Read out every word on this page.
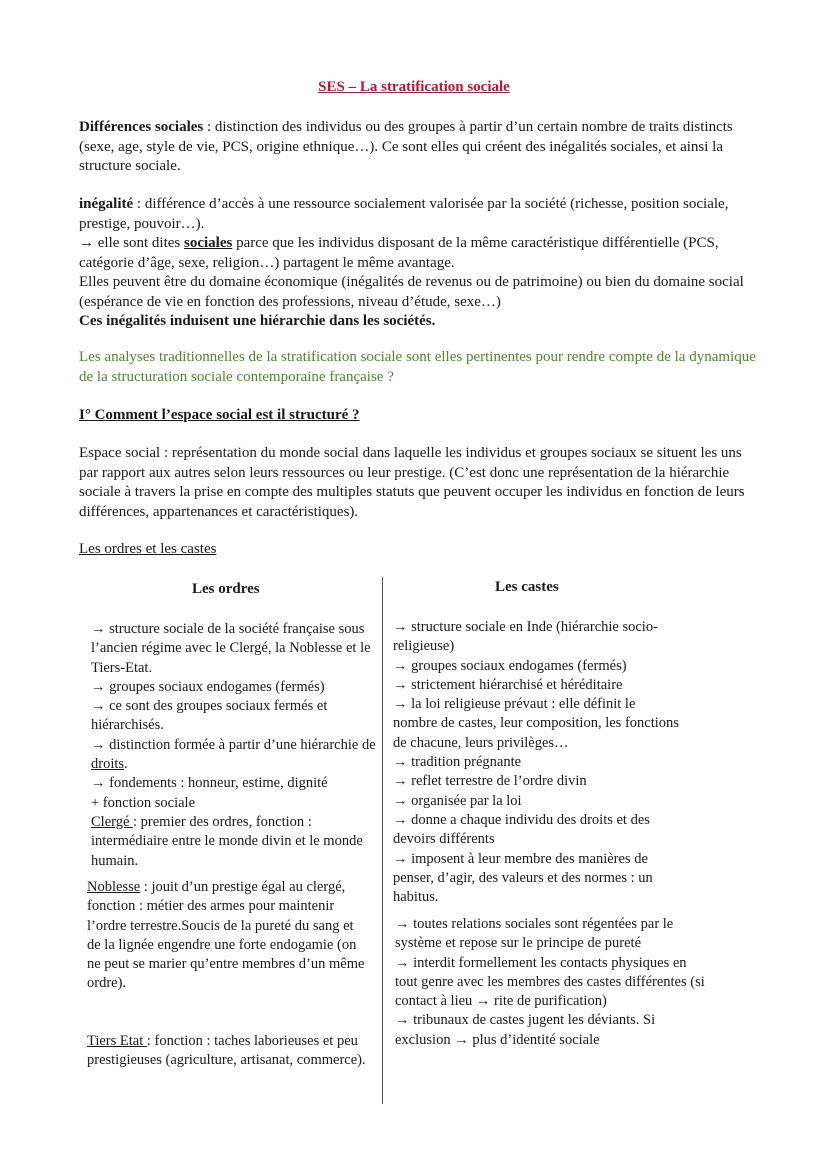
SES – La stratification sociale
Différences sociales : distinction des individus ou des groupes à partir d’un certain nombre de traits distincts (sexe, age, style de vie, PCS, origine ethnique…). Ce sont elles qui créent des inégalités sociales, et ainsi la structure sociale.

inégalité : différence d’accès à une ressource socialement valorisée par la société (richesse, position sociale, prestige, pouvoir…).

→ elle sont dites sociales parce que les individus disposant de la même caractéristique différentielle (PCS, catégorie d’âge, sexe, religion…) partagent le même avantage.

Elles peuvent être du domaine économique (inégalités de revenus ou de patrimoine) ou bien du domaine social (espérance de vie en fonction des professions, niveau d’étude, sexe…)

Ces inégalités induisent une hiérarchie dans les sociétés.

Les analyses traditionnelles de la stratification sociale sont elles pertinentes pour rendre compte de la dynamique de la structuration sociale contemporaine française ?
I° Comment l’espace social est il structuré ?
Espace social : représentation du monde social dans laquelle les individus et groupes sociaux se situent les uns par rapport aux autres selon leurs ressources ou leur prestige. (C’est donc une représentation de la hiérarchie sociale à travers la prise en compte des multiples statuts que peuvent occuper les individus en fonction de leurs différences, appartenances et caractéristiques).
Les ordres et les castes
Les ordres	Les castes

→ structure sociale de la société française sous l’ancien régime avec le Clergé, la Noblesse et le Tiers-Etat.

→ groupes sociaux endogames (fermés)

→ ce sont des groupes sociaux fermés et hiérarchisés.

→ distinction formée à partir d’une hiérarchie de droits.

→ fondements : honneur, estime, dignité

+ fonction sociale

Clergé : premier des ordres, fonction : intermédiaire entre le monde divin et le monde humain.

Noblesse : jouit d’un prestige égal au clergé, fonction : métier des armes pour maintenir l’ordre terrestre.Soucis de la pureté du sang et de la lignée engendre une forte endogamie (on ne peut se marier qu’entre membres d’un même ordre).
Tiers Etat : fonction : taches laborieuses et peu prestigieuses (agriculture, artisanat, commerce).

→ structure sociale en Inde (hiérarchie socio-religieuse)

→ groupes sociaux endogames (fermés)

→ strictement hiérarchisé et héréditaire

→ la loi religieuse prévaut : elle définit le nombre de castes, leur composition, les fonctions de chacune, leurs privilèges…

→ tradition prégnante

→ reflet terrestre de l’ordre divin

→ organisée par la loi

→ donne a chaque individu des droits et des devoirs différents

→ imposent à leur membre des manières de penser, d’agir, des valeurs et des normes : un habitus.

→ toutes relations sociales sont régentées par le système et repose sur le principe de pureté

→ interdit formellement les contacts physiques en tout genre avec les membres des castes différentes (si contact à lieu → rite de purification)

→ tribunaux de castes jugent les déviants. Si exclusion → plus d’identité sociale
